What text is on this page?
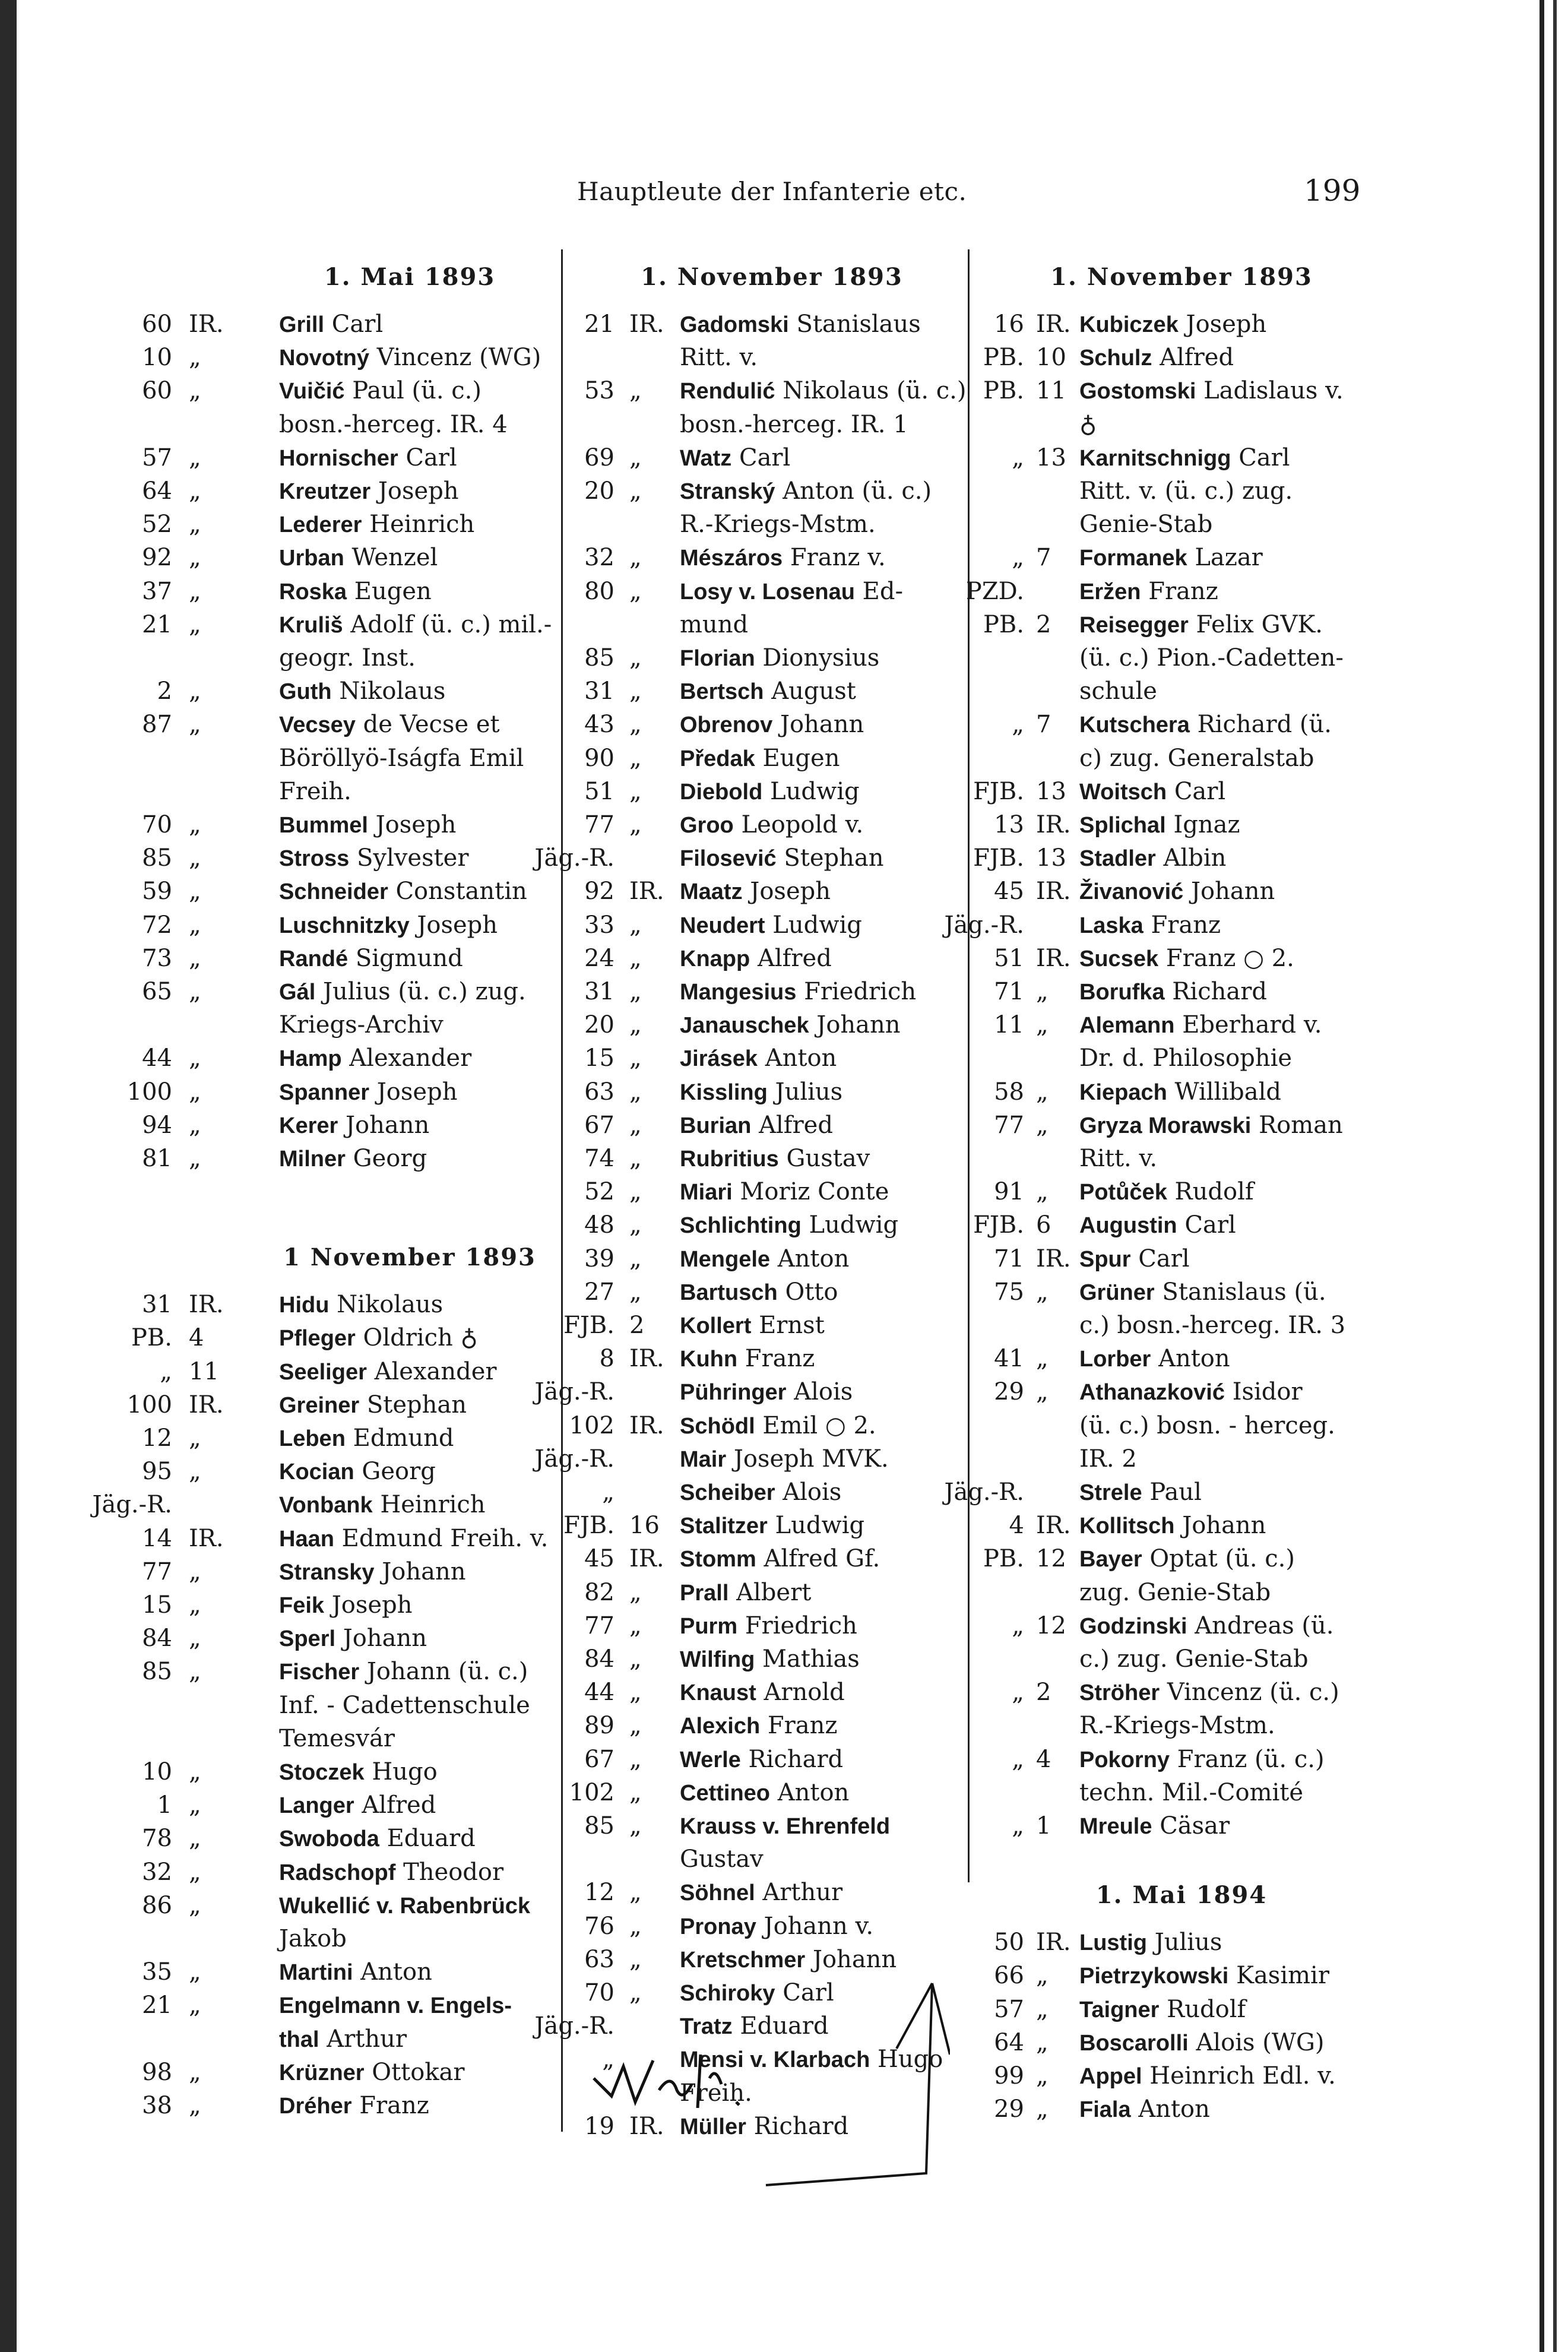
Hauptleute der Infanterie etc.	199
1. Mai 1893
60 IR. Grill Carl
10 „	Novotný Vincenz (WG)
60 „	Vuičić Paul (ü. c.)
bosn.-herceg. IR. 4
57 „	Hornischer Carl
64 „	Kreutzer Joseph
52 „	Lederer Heinrich
92 „	Urban Wenzel
37 „	Roska Eugen
21 „	Kruliš Adolf (ü. c.) mil.-
geogr. Inst.
2 „	Guth Nikolaus
87 „	Vecsey de Vecse et
Böröllyö-Iságfa Emil
Freih.
70 „	Bummel Joseph
85 „	Stross Sylvester
59 „	Schneider Constantin
72 „	Luschnitzky Joseph
73 „	Randé Sigmund
65 „	Gál Julius (ü. c.) zug.
Kriegs-Archiv
44 „	Hamp Alexander
100 „	Spanner Joseph
94 „	Kerer Johann
81 „	Milner Georg
1 November 1893
31 IR. Hidu Nikolaus
PB. 4	Pfleger Oldrich ♁
„ 11	Seeliger Alexander
100 IR. Greiner Stephan
12 „	Leben Edmund
95 „	Kocian Georg
Jäg.-R.	Vonbank Heinrich
14 IR. Haan Edmund Freih. v.
77 „	Stransky Johann
15 „	Feik Joseph
84 „	Sperl Johann
85 „	Fischer Johann (ü. c.)
Inf. - Cadettenschule
Temesvár
10 „	Stoczek Hugo
1 „	Langer Alfred
78 „	Swoboda Eduard
32 „	Radschopf Theodor
86 „	Wukellić v. Rabenbrück
Jakob
35 „	Martini Anton
21 „	Engelmann v. Engels-
thal Arthur
98 „	Krüzner Ottokar
38 „	Dréher Franz
1. November 1893
21 IR. Gadomski Stanislaus
Ritt. v.
53 „ Rendulić Nikolaus (ü. c.)
bosn.-herceg. IR. 1
69 „ Watz Carl
20 „ Stranský Anton (ü. c.)
R.-Kriegs-Mstm.
32 „ Mészáros Franz v.
80 „ Losy v. Losenau Ed-
mund
85 „ Florian Dionysius
31 „ Bertsch August
43 „ Obrenov Johann
90 „ Předak Eugen
51 „ Diebold Ludwig
77 „ Groo Leopold v.
Jäg.-R.	Filosević Stephan
92 IR. Maatz Joseph
33 „ Neudert Ludwig
24 „ Knapp Alfred
31 „ Mangesius Friedrich
20 „ Janauschek Johann
15 „ Jirásek Anton
63 „ Kissling Julius
67 „ Burian Alfred
74 „ Rubritius Gustav
52 „ Miari Moriz Conte
48 „ Schlichting Ludwig
39 „ Mengele Anton
27 „ Bartusch Otto
FJB. 2 Kollert Ernst
8 IR. Kuhn Franz
Jäg.-R.	Pühringer Alois
102 IR. Schödl Emil ○ 2.
Jäg.-R.	Mair Joseph MVK.
„	Scheiber Alois
FJB. 16 Stalitzer Ludwig
45 IR. Stomm Alfred Gf.
82 „ Prall Albert
77 „ Purm Friedrich
84 „ Wilfing Mathias
44 „ Knaust Arnold
89 „ Alexich Franz
67 „ Werle Richard
102 „ Cettineo Anton
85 „ Krauss v. Ehrenfeld
Gustav
12 „ Söhnel Arthur
76 „ Pronay Johann v.
63 „ Kretschmer Johann
70 „ Schiroky Carl
Jäg.-R.	Tratz Eduard
„	Mensi v. Klarbach Hugo
Freih.
19 IR. Müller Richard
1. November 1893
16 IR. Kubiczek Joseph
PB. 10 Schulz Alfred
PB. 11 Gostomski Ladislaus v.
♁
„ 13 Karnitschnigg Carl
Ritt. v. (ü. c.) zug.
Genie-Stab
„ 7 Formanek Lazar
PZD. Eržen Franz
PB. 2 Reisegger Felix GVK.
(ü. c.) Pion.-Cadetten-
schule
„ 7 Kutschera Richard (ü.
c) zug. Generalstab
FJB. 13 Woitsch Carl
13 IR. Splichal Ignaz
FJB. 13 Stadler Albin
45 IR. Živanović Johann
Jäg.-R. Laska Franz
51 IR. Sucsek Franz ○ 2.
71 „ Borufka Richard
11 „ Alemann Eberhard v.
Dr. d. Philosophie
58 „ Kiepach Willibald
77 „ Gryza Morawski Roman
Ritt. v.
91 „ Potůček Rudolf
FJB. 6 Augustin Carl
71 IR. Spur Carl
75 „ Grüner Stanislaus (ü.
c.) bosn.-herceg. IR. 3
41 „ Lorber Anton
29 „ Athanazković Isidor
(ü. c.) bosn. - herceg.
IR. 2
Jäg.-R. Strele Paul
4 IR. Kollitsch Johann
PB. 12 Bayer Optat (ü. c.)
zug. Genie-Stab
„ 12 Godzinski Andreas (ü.
c.) zug. Genie-Stab
„ 2 Ströher Vincenz (ü. c.)
R.-Kriegs-Mstm.
„ 4 Pokorny Franz (ü. c.)
techn. Mil.-Comité
„ 1 Mreule Cäsar
1. Mai 1894
50 IR. Lustig Julius
66 „ Pietrzykowski Kasimir
57 „ Taigner Rudolf
64 „ Boscarolli Alois (WG)
99 „ Appel Heinrich Edl. v.
29 „ Fiala Anton
